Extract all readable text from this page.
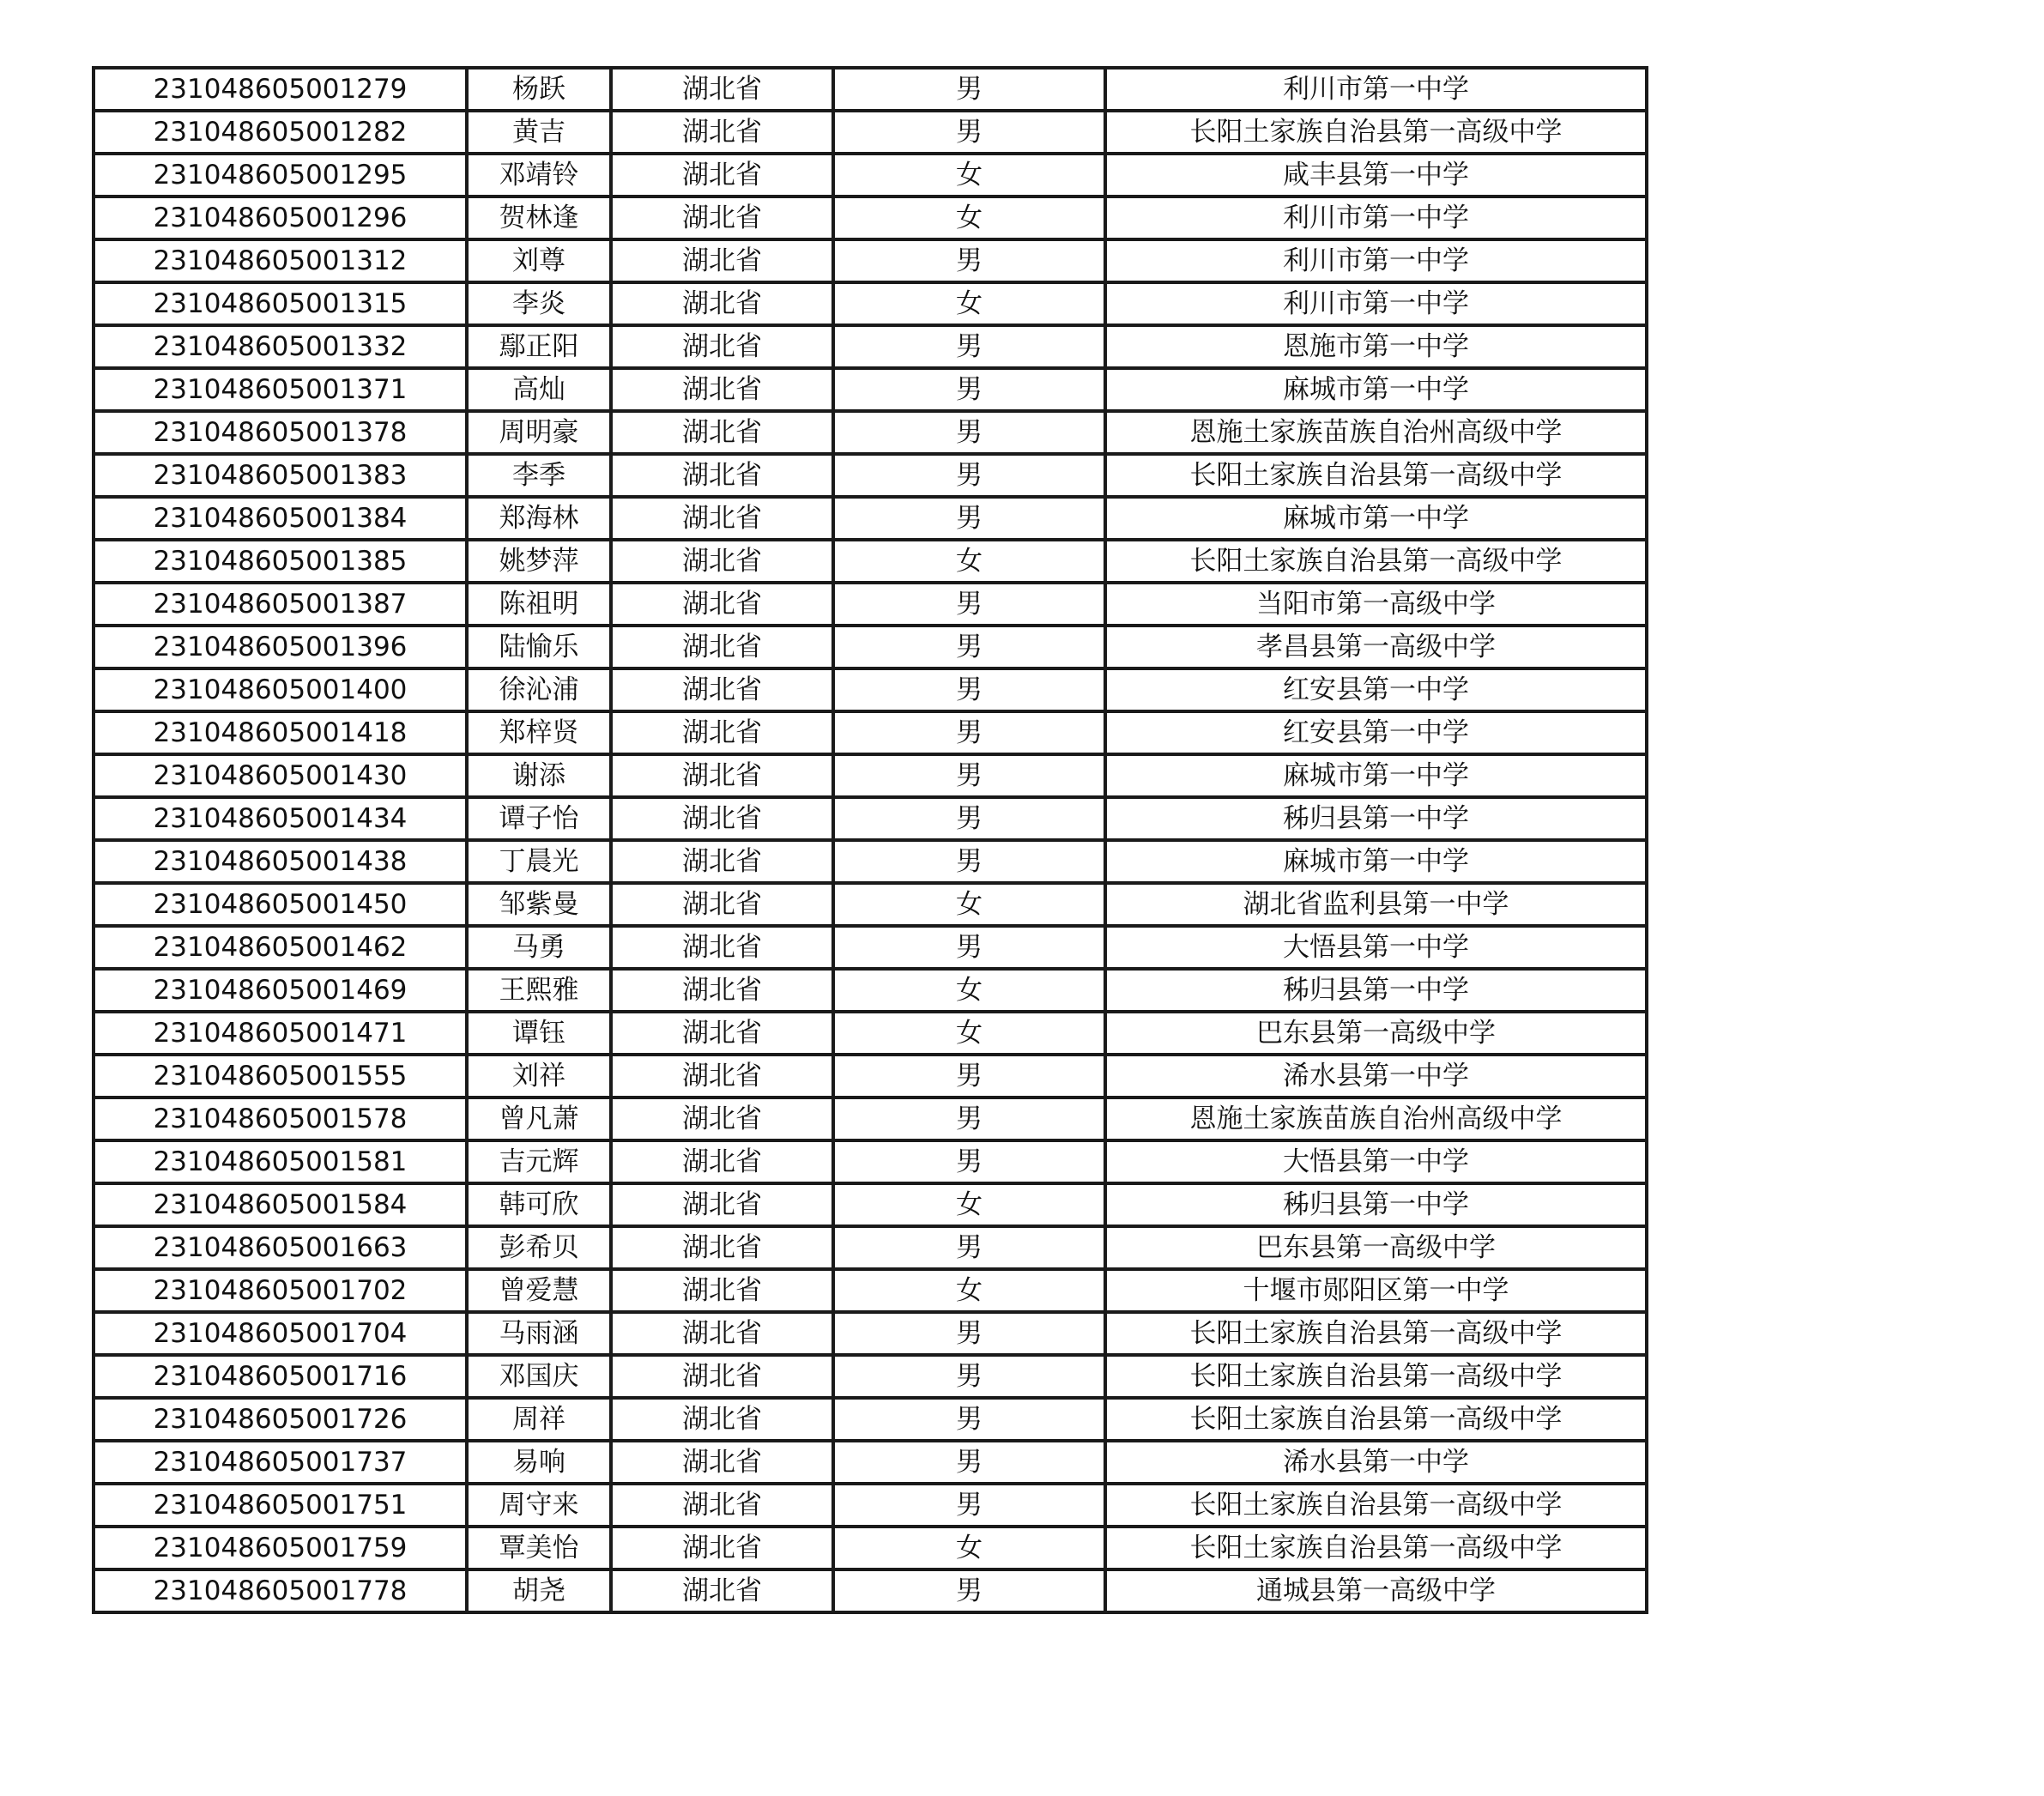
231048605001279	杨跃	湖北省	男	利川市第一中学
231048605001282	黄吉	湖北省	男	长阳土家族自治县第一高级中学
231048605001295	邓靖铃	湖北省	女	咸丰县第一中学
231048605001296	贺林逢	湖北省	女	利川市第一中学
231048605001312	刘尊	湖北省	男	利川市第一中学
231048605001315	李炎	湖北省	女	利川市第一中学
231048605001332	鄢正阳	湖北省	男	恩施市第一中学
231048605001371	高灿	湖北省	男	麻城市第一中学
231048605001378	周明豪	湖北省	男	恩施土家族苗族自治州高级中学
231048605001383	李季	湖北省	男	长阳土家族自治县第一高级中学
231048605001384	郑海林	湖北省	男	麻城市第一中学
231048605001385	姚梦萍	湖北省	女	长阳土家族自治县第一高级中学
231048605001387	陈祖明	湖北省	男	当阳市第一高级中学
231048605001396	陆愉乐	湖北省	男	孝昌县第一高级中学
231048605001400	徐沁浦	湖北省	男	红安县第一中学
231048605001418	郑梓贤	湖北省	男	红安县第一中学
231048605001430	谢添	湖北省	男	麻城市第一中学
231048605001434	谭子怡	湖北省	男	秭归县第一中学
231048605001438	丁晨光	湖北省	男	麻城市第一中学
231048605001450	邹紫曼	湖北省	女	湖北省监利县第一中学
231048605001462	马勇	湖北省	男	大悟县第一中学
231048605001469	王熙雅	湖北省	女	秭归县第一中学
231048605001471	谭钰	湖北省	女	巴东县第一高级中学
231048605001555	刘祥	湖北省	男	浠水县第一中学
231048605001578	曾凡萧	湖北省	男	恩施土家族苗族自治州高级中学
231048605001581	吉元辉	湖北省	男	大悟县第一中学
231048605001584	韩可欣	湖北省	女	秭归县第一中学
231048605001663	彭希贝	湖北省	男	巴东县第一高级中学
231048605001702	曾爱慧	湖北省	女	十堰市郧阳区第一中学
231048605001704	马雨涵	湖北省	男	长阳土家族自治县第一高级中学
231048605001716	邓国庆	湖北省	男	长阳土家族自治县第一高级中学
231048605001726	周祥	湖北省	男	长阳土家族自治县第一高级中学
231048605001737	易响	湖北省	男	浠水县第一中学
231048605001751	周守来	湖北省	男	长阳土家族自治县第一高级中学
231048605001759	覃美怡	湖北省	女	长阳土家族自治县第一高级中学
231048605001778	胡尧	湖北省	男	通城县第一高级中学
